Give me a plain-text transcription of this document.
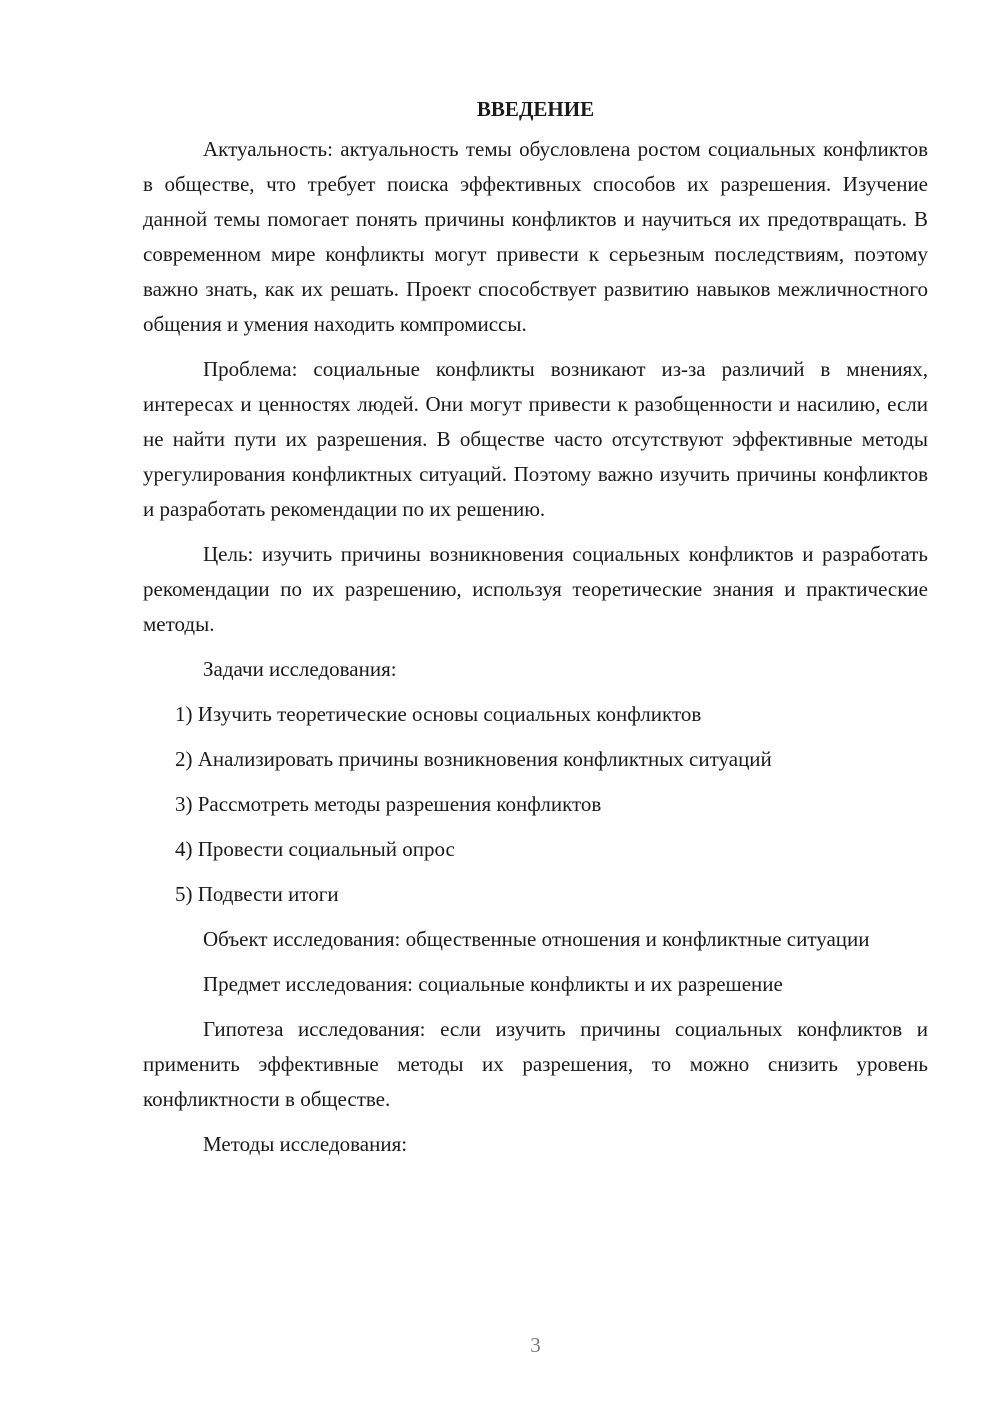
ВВЕДЕНИЕ

Актуальность: актуальность темы обусловлена ростом социальных конфликтов в обществе, что требует поиска эффективных способов их разрешения. Изучение данной темы помогает понять причины конфликтов и научиться их предотвращать. В современном мире конфликты могут привести к серьезным последствиям, поэтому важно знать, как их решать. Проект способствует развитию навыков межличностного общения и умения находить компромиссы.

Проблема: социальные конфликты возникают из-за различий в мнениях, интересах и ценностях людей. Они могут привести к разобщенности и насилию, если не найти пути их разрешения. В обществе часто отсутствуют эффективные методы урегулирования конфликтных ситуаций. Поэтому важно изучить причины конфликтов и разработать рекомендации по их решению.

Цель: изучить причины возникновения социальных конфликтов и разработать рекомендации по их разрешению, используя теоретические знания и практические методы.

Задачи исследования:

1) Изучить теоретические основы социальных конфликтов
2) Анализировать причины возникновения конфликтных ситуаций
3) Рассмотреть методы разрешения конфликтов
4) Провести социальный опрос
5) Подвести итоги

Объект исследования: общественные отношения и конфликтные ситуации

Предмет исследования: социальные конфликты и их разрешение

Гипотеза исследования: если изучить причины социальных конфликтов и применить эффективные методы их разрешения, то можно снизить уровень конфликтности в обществе.

Методы исследования:

3
